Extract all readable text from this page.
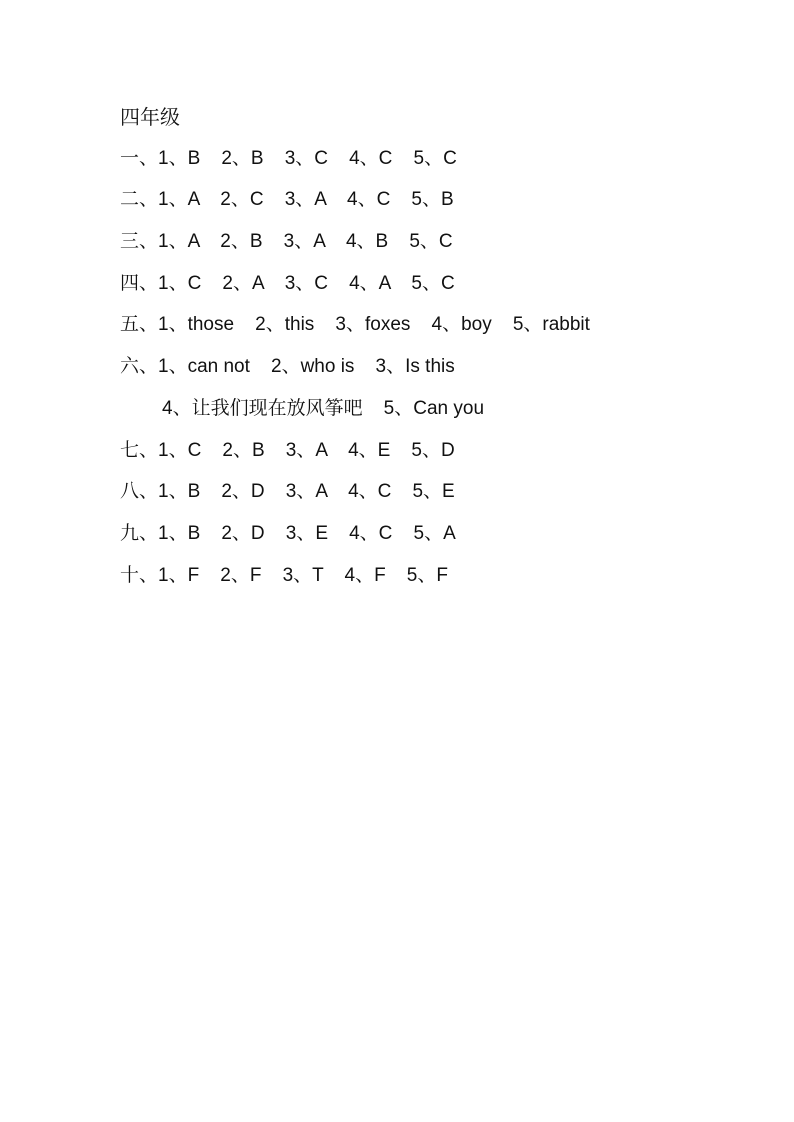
四年级
一、1、B    2、B    3、C    4、C    5、C
二、1、A    2、C    3、A    4、C    5、B
三、1、A    2、B    3、A    4、B    5、C
四、1、C    2、A    3、C    4、A    5、C
五、1、those    2、this    3、foxes    4、boy    5、rabbit
六、1、can not    2、who is    3、Is this
4、让我们现在放风筝吧    5、Can you
七、1、C    2、B    3、A    4、E    5、D
八、1、B    2、D    3、A    4、C    5、E
九、1、B    2、D    3、E    4、C    5、A
十、1、F    2、F    3、T    4、F    5、F
